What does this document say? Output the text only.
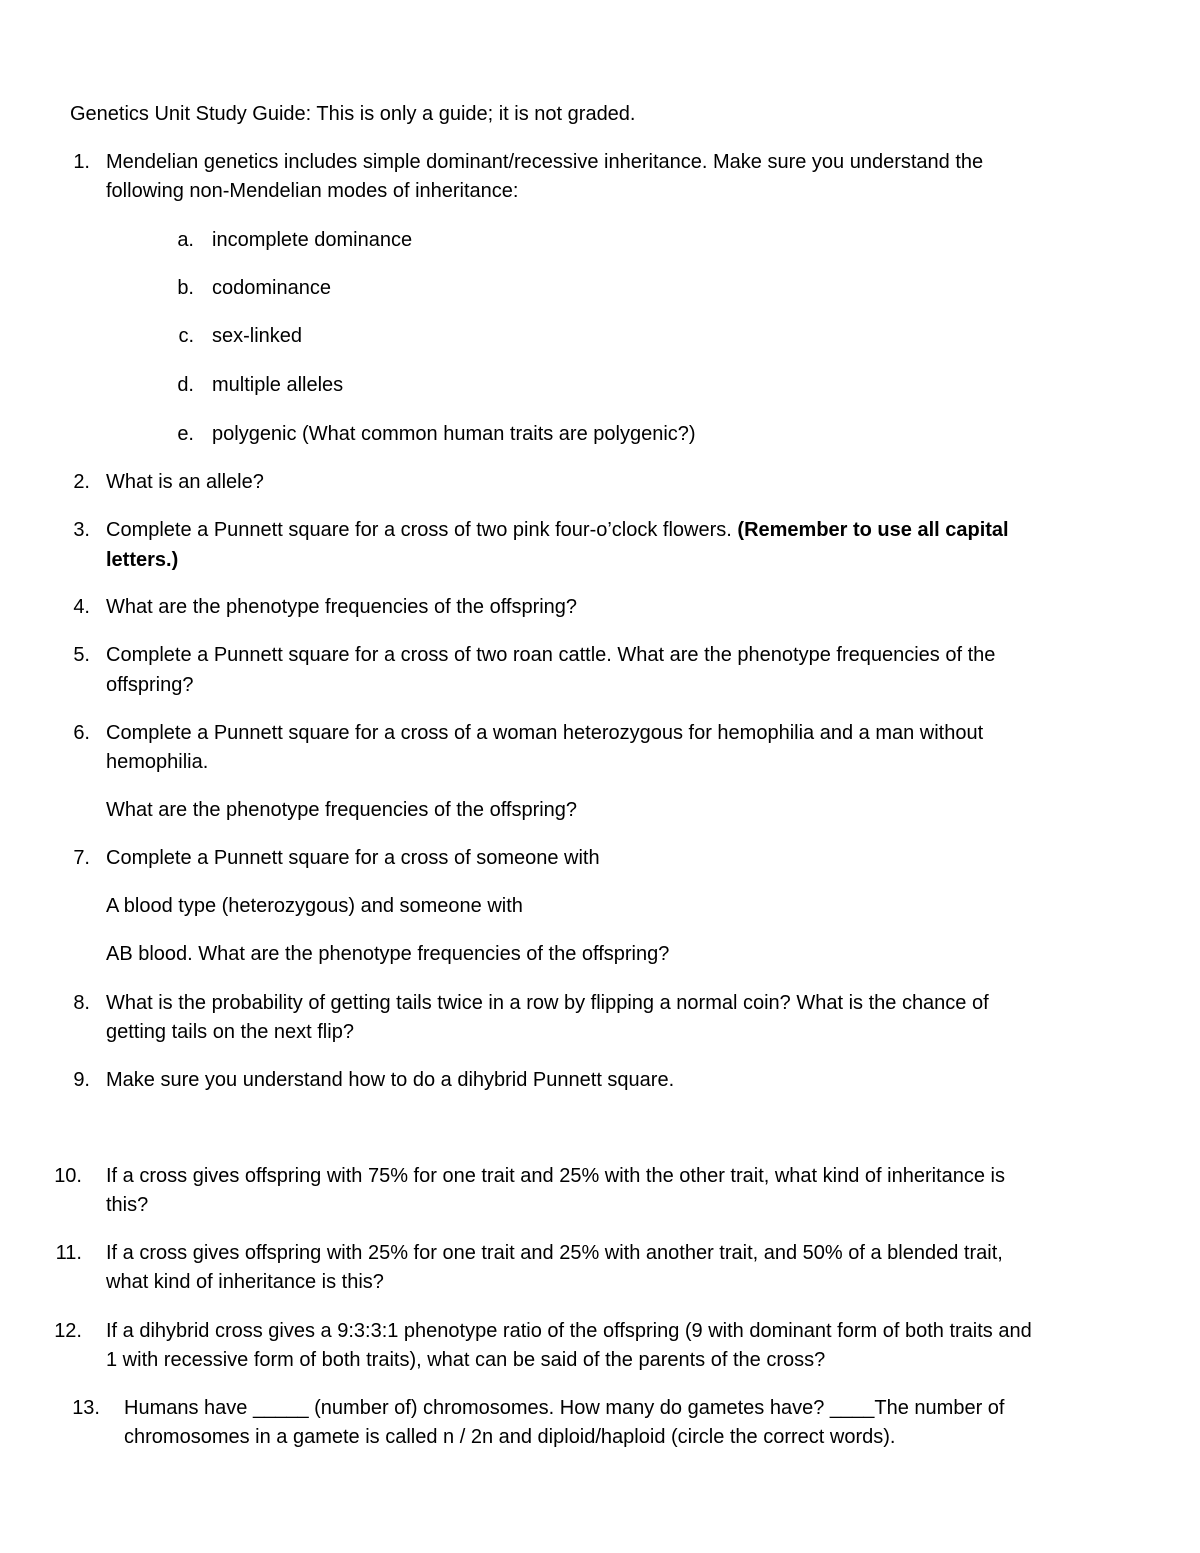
Genetics Unit Study Guide: This is only a guide; it is not graded.
1. Mendelian genetics includes simple dominant/recessive inheritance. Make sure you understand the
following non-Mendelian modes of inheritance:
a. incomplete dominance
b. codominance
c. sex-linked
d. multiple alleles
e. polygenic (What common human traits are polygenic?)
2. What is an allele?
3. Complete a Punnett square for a cross of two pink four-o’clock flowers. (Remember to use all capital
letters.)
4. What are the phenotype frequencies of the offspring?
5. Complete a Punnett square for a cross of two roan cattle. What are the phenotype frequencies of the
offspring?
6. Complete a Punnett square for a cross of a woman heterozygous for hemophilia and a man without
hemophilia.
What are the phenotype frequencies of the offspring?
7. Complete a Punnett square for a cross of someone with
A blood type (heterozygous) and someone with
AB blood. What are the phenotype frequencies of the offspring?
8. What is the probability of getting tails twice in a row by flipping a normal coin? What is the chance of
getting tails on the next flip?
9. Make sure you understand how to do a dihybrid Punnett square.
10. If a cross gives offspring with 75% for one trait and 25% with the other trait, what kind of inheritance is
this?
11. If a cross gives offspring with 25% for one trait and 25% with another trait, and 50% of a blended trait,
what kind of inheritance is this?
12. If a dihybrid cross gives a 9:3:3:1 phenotype ratio of the offspring (9 with dominant form of both traits and
1 with recessive form of both traits), what can be said of the parents of the cross?
13. Humans have _____ (number of) chromosomes. How many do gametes have? ____The number of
chromosomes in a gamete is called n / 2n and diploid/haploid (circle the correct words).
